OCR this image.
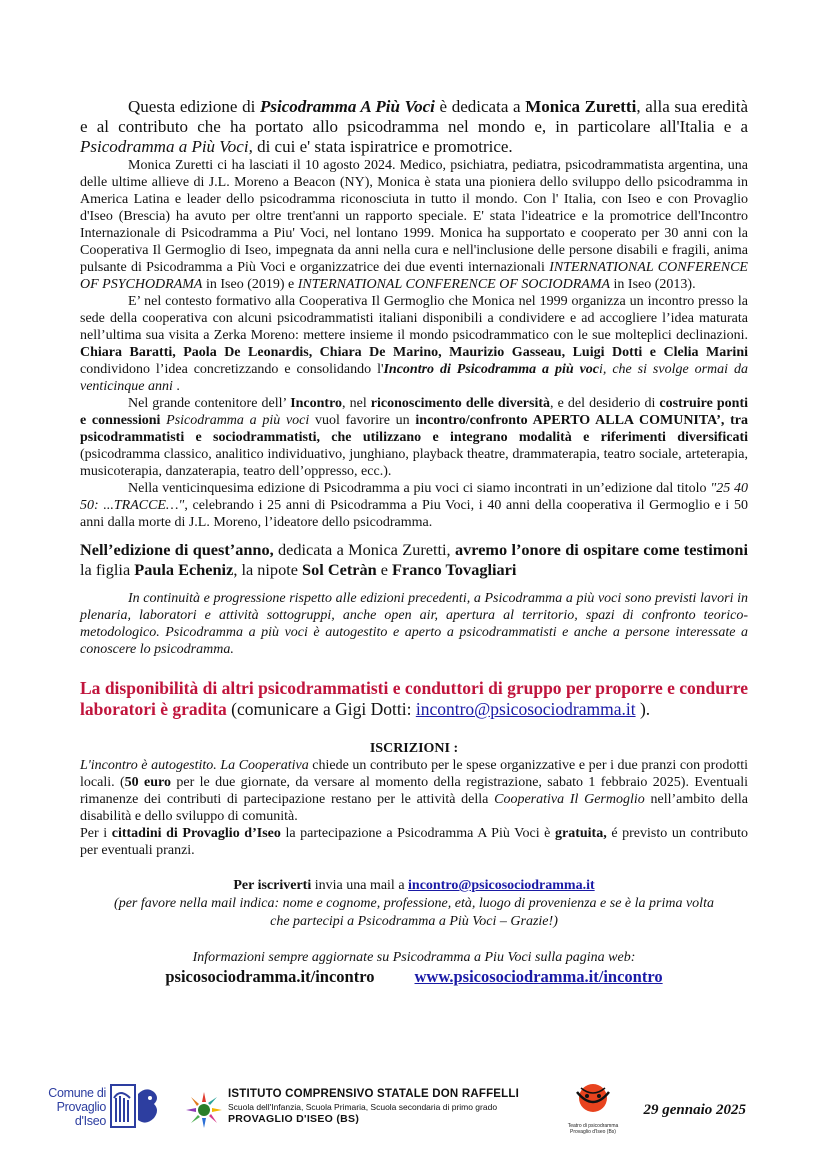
Questa edizione di Psicodramma A Più Voci è dedicata a Monica Zuretti, alla sua eredità e al contributo che ha portato allo psicodramma nel mondo e, in particolare all'Italia e a Psicodramma a Più Voci, di cui e' stata ispiratrice e promotrice.

Monica Zuretti ci ha lasciati il 10 agosto 2024. Medico, psichiatra, pediatra, psicodrammatista argentina, una delle ultime allieve di J.L. Moreno a Beacon (NY), Monica è stata una pioniera dello sviluppo dello psicodramma in America Latina e leader dello psicodramma riconosciuta in tutto il mondo. Con l' Italia, con Iseo e con Provaglio d'Iseo (Brescia) ha avuto per oltre trent'anni un rapporto speciale. E' stata l'ideatrice e la promotrice dell'Incontro Internazionale di Psicodramma a Piu' Voci, nel lontano 1999. Monica ha supportato e cooperato per 30 anni con la Cooperativa Il Germoglio di Iseo, impegnata da anni nella cura e nell'inclusione delle persone disabili e fragili, anima pulsante di Psicodramma a Più Voci e organizzatrice dei due eventi internazionali INTERNATIONAL CONFERENCE OF PSYCHODRAMA in Iseo (2019) e INTERNATIONAL CONFERENCE OF SOCIODRAMA in Iseo (2013).

E’ nel contesto formativo alla Cooperativa Il Germoglio che Monica nel 1999 organizza un incontro presso la sede della cooperativa con alcuni psicodrammatisti italiani disponibili a condividere e ad accogliere l’idea maturata nell’ultima sua visita a Zerka Moreno: mettere insieme il mondo psicodrammatico con le sue molteplici declinazioni. Chiara Baratti, Paola De Leonardis, Chiara De Marino, Maurizio Gasseau, Luigi Dotti e Clelia Marini condividono l’idea concretizzando e consolidando l'Incontro di Psicodramma a più voci, che si svolge ormai da venticinque anni .

Nel grande contenitore dell’ Incontro, nel riconoscimento delle diversità, e del desiderio di costruire ponti e connessioni Psicodramma a più voci vuol favorire un incontro/confronto APERTO ALLA COMUNITA’, tra psicodrammatisti e sociodrammatisti, che utilizzano e integrano modalità e riferimenti diversificati (psicodramma classico, analitico individuativo, junghiano, playback theatre, drammaterapia, teatro sociale, arteterapia, musicoterapia, danzaterapia, teatro dell’oppresso, ecc.).

Nella venticinquesima edizione di Psicodramma a piu voci ci siamo incontrati in un’edizione dal titolo "25 40 50: ...TRACCE…", celebrando i 25 anni di Psicodramma a Piu Voci, i 40 anni della cooperativa il Germoglio e i 50 anni dalla morte di J.L. Moreno, l’ideatore dello psicodramma.

Nell’edizione di quest’anno, dedicata a Monica Zuretti, avremo l’onore di ospitare come testimoni la figlia Paula Echeniz, la nipote Sol Cetràn e Franco Tovagliari

In continuità e progressione rispetto alle edizioni precedenti, a Psicodramma a più voci sono previsti lavori in plenaria, laboratori e attività sottogruppi, anche open air, apertura al territorio, spazi di confronto teorico-metodologico. Psicodramma a più voci è autogestito e aperto a psicodrammatisti e anche a persone interessate a conoscere lo psicodramma.

La disponibilità di altri psicodrammatisti e conduttori di gruppo per proporre e condurre laboratori è gradita (comunicare a Gigi Dotti: incontro@psicosociodramma.it ).

ISCRIZIONI :

L'incontro è autogestito. La Cooperativa chiede un contributo per le spese organizzative e per i due pranzi con prodotti locali. (50 euro per le due giornate, da versare al momento della registrazione, sabato 1 febbraio 2025). Eventuali rimanenze dei contributi di partecipazione restano per le attività della Cooperativa Il Germoglio nell’ambito della disabilità e dello sviluppo di comunità.

Per i cittadini di Provaglio d’Iseo la partecipazione a Psicodramma A Più Voci è gratuita, é previsto un contributo per eventuali pranzi.

Per iscriverti invia una mail a incontro@psicosociodramma.it
(per favore nella mail indica: nome e cognome, professione, età, luogo di provenienza e se è la prima volta
che partecipi a Psicodramma a Più Voci – Grazie!)
Informazioni sempre aggiornate su Psicodramma a Piu Voci sulla pagina web:
psicosociodramma.it/incontro www.psicosociodramma.it/incontro
Comune di
Provaglio
d'Iseo
ISTITUTO COMPRENSIVO STATALE DON RAFFELLI
Scuola dell'Infanzia, Scuola Primaria, Scuola secondaria di primo grado
PROVAGLIO D'ISEO (BS)
Teatro di psicodramma
Provaglio d'Iseo (Bs)
29 gennaio 2025
